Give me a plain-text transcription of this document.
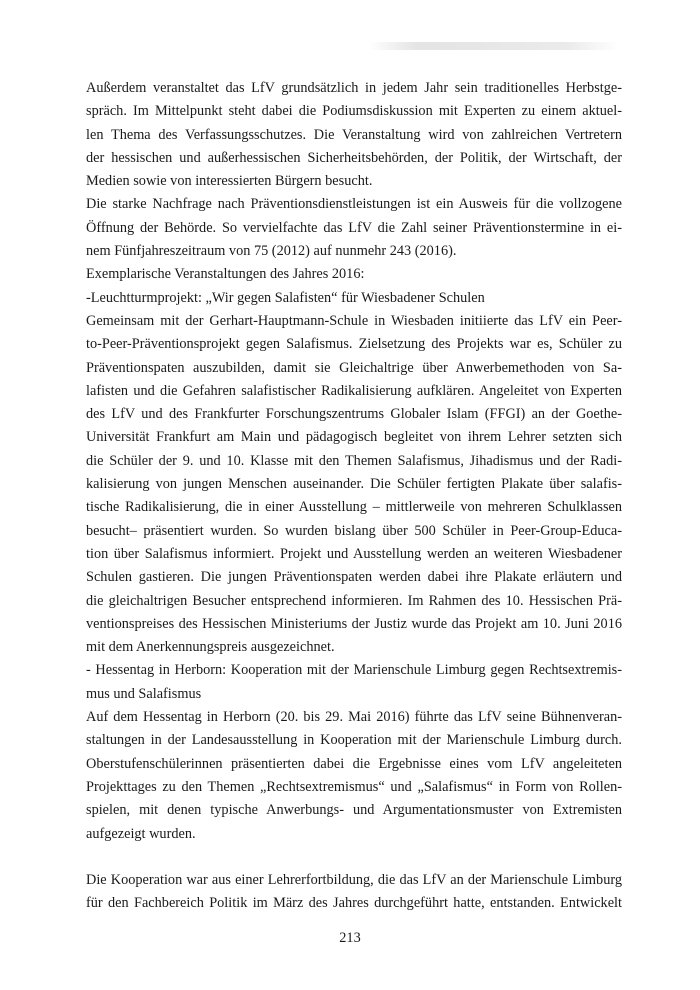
Außerdem veranstaltet das LfV grundsätzlich in jedem Jahr sein traditionelles Herbstge-
spräch. Im Mittelpunkt steht dabei die Podiumsdiskussion mit Experten zu einem aktuel-
len Thema des Verfassungsschutzes. Die Veranstaltung wird von zahlreichen Vertretern
der hessischen und außerhessischen Sicherheitsbehörden, der Politik, der Wirtschaft, der
Medien sowie von interessierten Bürgern besucht.
Die starke Nachfrage nach Präventionsdienstleistungen ist ein Ausweis für die vollzogene
Öffnung der Behörde. So vervielfachte das LfV die Zahl seiner Präventionstermine in ei-
nem Fünfjahreszeitraum von 75 (2012) auf nunmehr 243 (2016).
Exemplarische Veranstaltungen des Jahres 2016:
-Leuchtturmprojekt: „Wir gegen Salafisten“ für Wiesbadener Schulen
Gemeinsam mit der Gerhart-Hauptmann-Schule in Wiesbaden initiierte das LfV ein Peer-
to-Peer-Präventionsprojekt gegen Salafismus. Zielsetzung des Projekts war es, Schüler zu
Präventionspaten auszubilden, damit sie Gleichaltrige über Anwerbemethoden von Sa-
lafisten und die Gefahren salafistischer Radikalisierung aufklären. Angeleitet von Experten
des LfV und des Frankfurter Forschungszentrums Globaler Islam (FFGI) an der Goethe-
Universität Frankfurt am Main und pädagogisch begleitet von ihrem Lehrer setzten sich
die Schüler der 9. und 10. Klasse mit den Themen Salafismus, Jihadismus und der Radi-
kalisierung von jungen Menschen auseinander. Die Schüler fertigten Plakate über salafis-
tische Radikalisierung, die in einer Ausstellung – mittlerweile von mehreren Schulklassen
besucht– präsentiert wurden. So wurden bislang über 500 Schüler in Peer-Group-Educa-
tion über Salafismus informiert. Projekt und Ausstellung werden an weiteren Wiesbadener
Schulen gastieren. Die jungen Präventionspaten werden dabei ihre Plakate erläutern und
die gleichaltrigen Besucher entsprechend informieren. Im Rahmen des 10. Hessischen Prä-
ventionspreises des Hessischen Ministeriums der Justiz wurde das Projekt am 10. Juni 2016
mit dem Anerkennungspreis ausgezeichnet.
- Hessentag in Herborn: Kooperation mit der Marienschule Limburg gegen Rechtsextremis-
mus und Salafismus
Auf dem Hessentag in Herborn (20. bis 29. Mai 2016) führte das LfV seine Bühnenveran-
staltungen in der Landesausstellung in Kooperation mit der Marienschule Limburg durch.
Oberstufenschülerinnen präsentierten dabei die Ergebnisse eines vom LfV angeleiteten
Projekttages zu den Themen „Rechtsextremismus“ und „Salafismus“ in Form von Rollen-
spielen, mit denen typische Anwerbungs- und Argumentationsmuster von Extremisten
aufgezeigt wurden.
Die Kooperation war aus einer Lehrerfortbildung, die das LfV an der Marienschule Limburg
für den Fachbereich Politik im März des Jahres durchgeführt hatte, entstanden. Entwickelt
213
